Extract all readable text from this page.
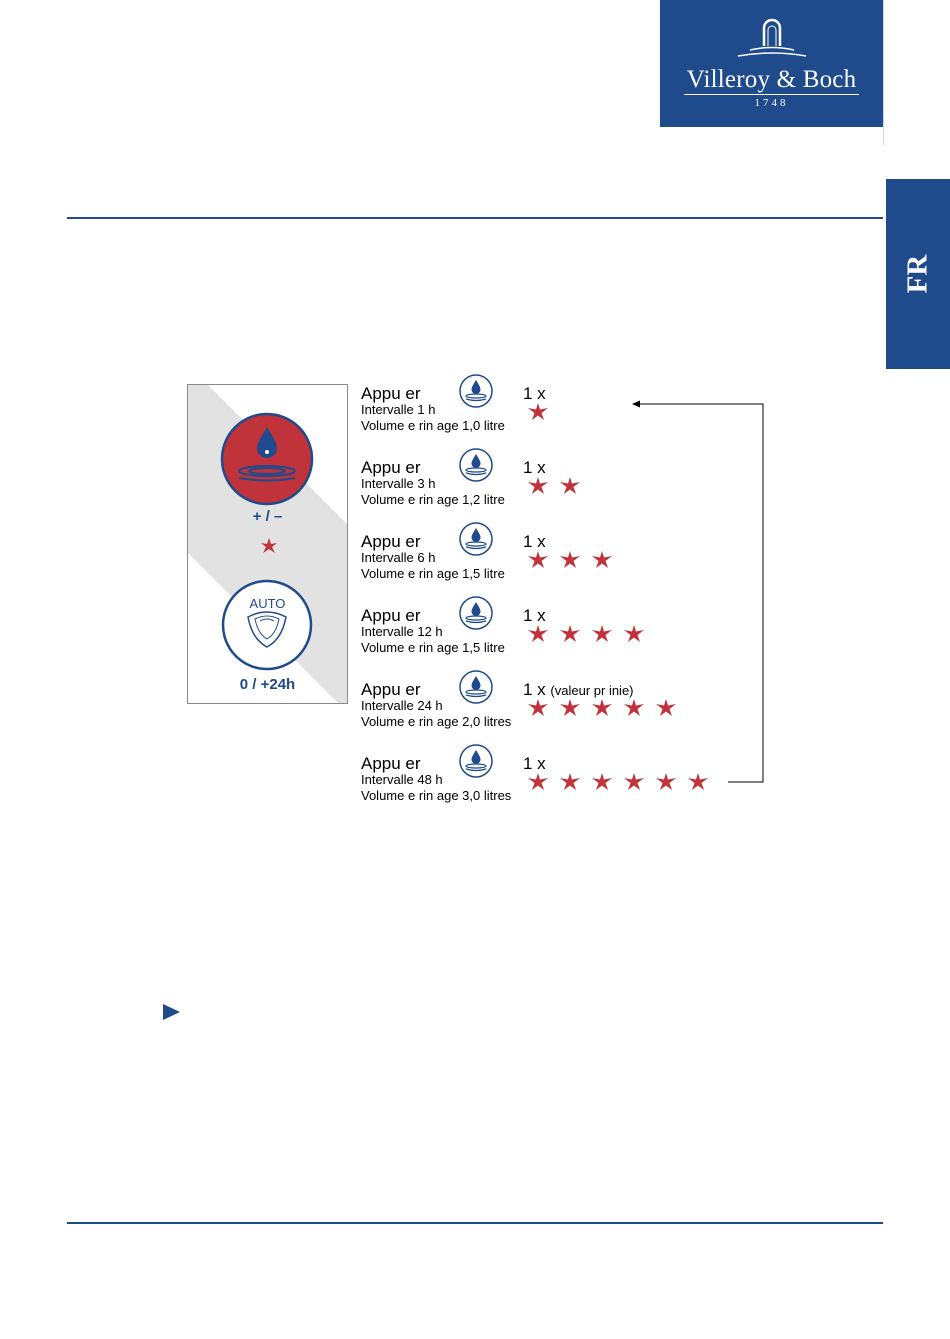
Villeroy & Boch
1748
FR
+ / –
AUTO
0 / +24h
Appu er	1 x
Intervalle 1 h
Volume e rin age 1,0 litre
Appu er	1 x
Intervalle 3 h
Volume e rin age 1,2 litre
Appu er	1 x
Intervalle 6 h
Volume e rin age 1,5 litre
Appu er	1 x
Intervalle 12 h
Volume e rin age 1,5 litre
Appu er	1 x (valeur pr inie)
Intervalle 24 h
Volume e rin age 2,0 litres
Appu er	1 x
Intervalle 48 h
Volume e rin age 3,0 litres
